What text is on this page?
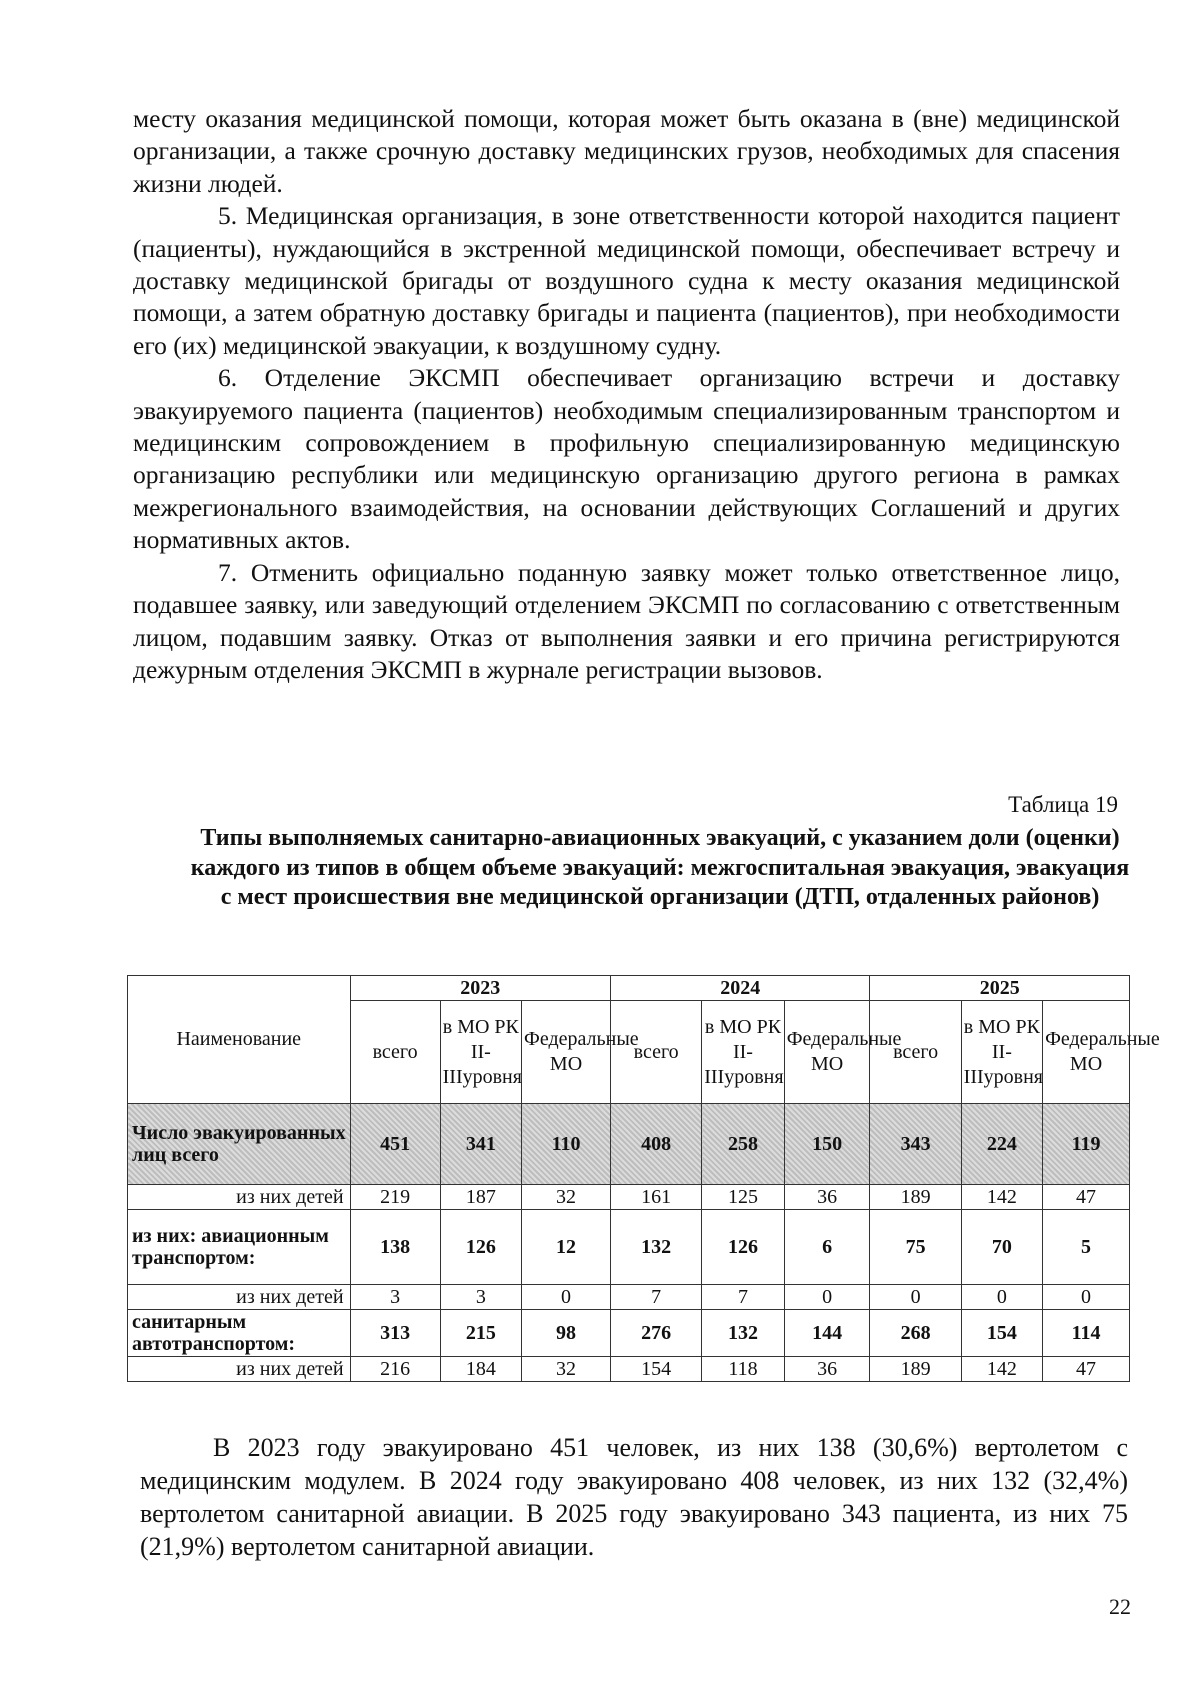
месту оказания медицинской помощи, которая может быть оказана в (вне) медицинской организации, а также срочную доставку медицинских грузов, необходимых для спасения жизни людей.

5. Медицинская организация, в зоне ответственности которой находится пациент (пациенты), нуждающийся в экстренной медицинской помощи, обеспечивает встречу и доставку медицинской бригады от воздушного судна к месту оказания медицинской помощи, а затем обратную доставку бригады и пациента (пациентов), при необходимости его (их) медицинской эвакуации, к воздушному судну.

6. Отделение ЭКСМП обеспечивает организацию встречи и доставку эвакуируемого пациента (пациентов) необходимым специализированным транспортом и медицинским сопровождением в профильную специализированную медицинскую организацию республики или медицинскую организацию другого региона в рамках межрегионального взаимодействия, на основании действующих Соглашений и других нормативных актов.

7. Отменить официально поданную заявку может только ответственное лицо, подавшее заявку, или заведующий отделением ЭКСМП по согласованию с ответственным лицом, подавшим заявку. Отказ от выполнения заявки и его причина регистрируются дежурным отделения ЭКСМП в журнале регистрации вызовов.

Таблица 19
Типы выполняемых санитарно-авиационных эвакуаций, с указанием доли (оценки) каждого из типов в общем объеме эвакуаций: межгоспитальная эвакуация, эвакуация с мест происшествия вне медицинской организации (ДТП, отдаленных районов)
Наименование	2023			2024			2025		
	всего	в МО РК II-IIIуровня	Федеральные МО	всего	в МО РК II-IIIуровня	Федеральные МО	всего	в МО РК II-IIIуровня	Федеральные МО
Число эвакуированных лиц всего	451	341	110	408	258	150	343	224	119
из них детей	219	187	32	161	125	36	189	142	47
из них: авиационным транспортом:	138	126	12	132	126	6	75	70	5
из них детей	3	3	0	7	7	0	0	0	0
санитарным автотранспортом:	313	215	98	276	132	144	268	154	114
из них детей	216	184	32	154	118	36	189	142	47

В 2023 году эвакуировано 451 человек, из них 138 (30,6%) вертолетом с медицинским модулем. В 2024 году эвакуировано 408 человек, из них 132 (32,4%) вертолетом санитарной авиации. В 2025 году эвакуировано 343 пациента, из них 75 (21,9%) вертолетом санитарной авиации.

22
